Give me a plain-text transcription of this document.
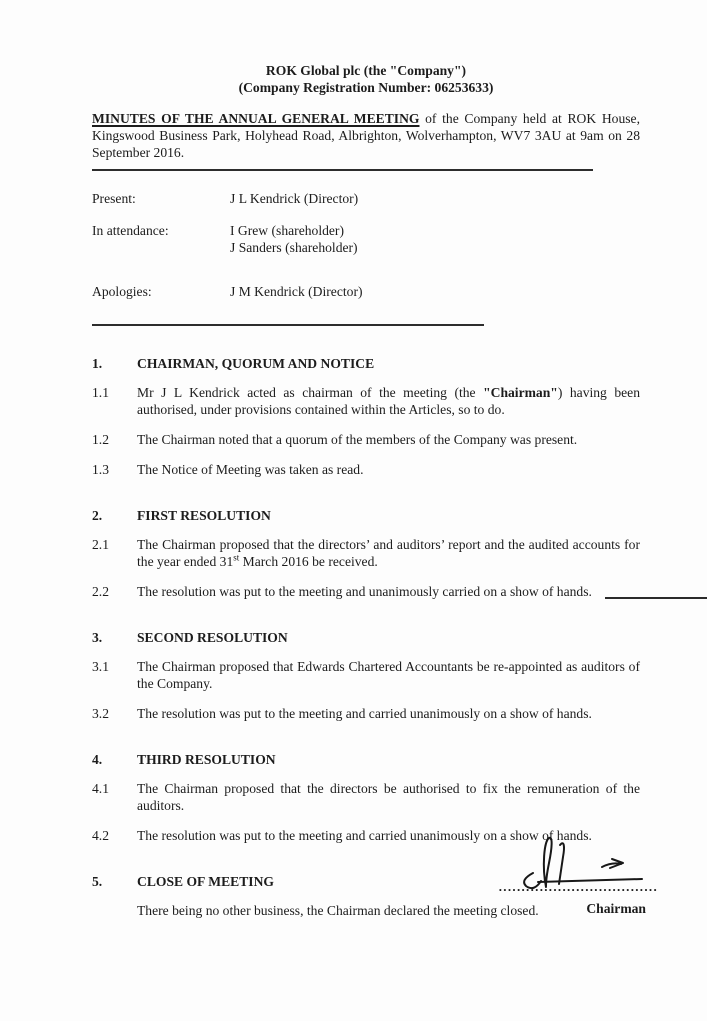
ROK Global plc (the "Company")
(Company Registration Number: 06253633)
MINUTES OF THE ANNUAL GENERAL MEETING of the Company held at ROK House, Kingswood Business Park, Holyhead Road, Albrighton, Wolverhampton, WV7 3AU at 9am on 28 September 2016.
Present:	J L Kendrick (Director)
In attendance:	I Grew (shareholder)
J Sanders (shareholder)
Apologies:	J M Kendrick (Director)
1.	CHAIRMAN, QUORUM AND NOTICE
1.1	Mr J L Kendrick acted as chairman of the meeting (the "Chairman") having been authorised, under provisions contained within the Articles, so to do.
1.2	The Chairman noted that a quorum of the members of the Company was present.
1.3	The Notice of Meeting was taken as read.
2.	FIRST RESOLUTION
2.1	The Chairman proposed that the directors’ and auditors’ report and the audited accounts for the year ended 31st March 2016 be received.
2.2	The resolution was put to the meeting and unanimously carried on a show of hands.
3.	SECOND RESOLUTION
3.1	The Chairman proposed that Edwards Chartered Accountants be re-appointed as auditors of the Company.
3.2	The resolution was put to the meeting and carried unanimously on a show of hands.
4.	THIRD RESOLUTION
4.1	The Chairman proposed that the directors be authorised to fix the remuneration of the auditors.
4.2	The resolution was put to the meeting and carried unanimously on a show of hands.
5.	CLOSE OF MEETING
There being no other business, the Chairman declared the meeting closed.
...................................
Chairman
